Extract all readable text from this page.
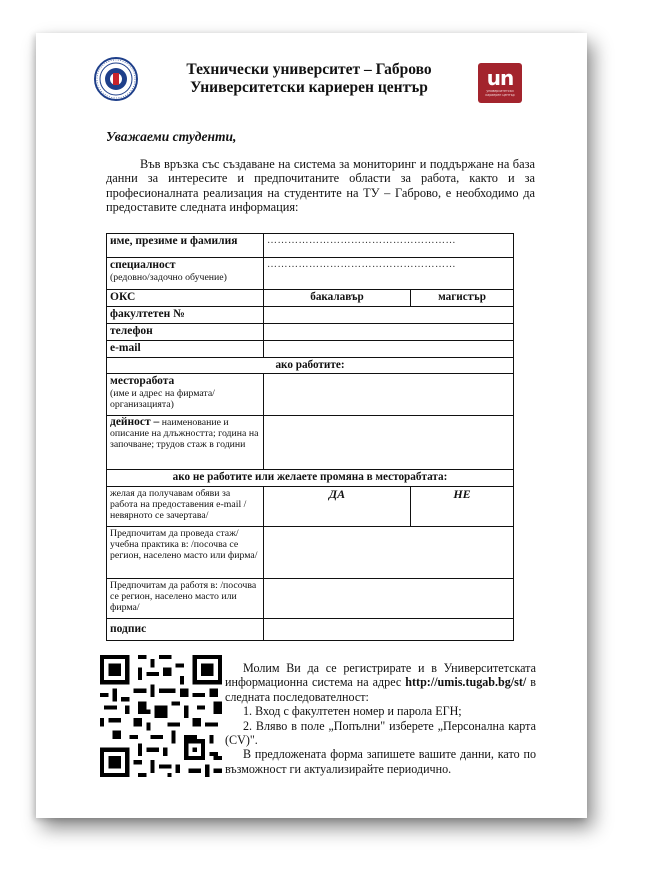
Технически университет – Габрово
Университетски кариерен център	un
университетски кариерен център
Уважаеми студенти,
Във връзка със създаване на система за мониторинг и поддържане на база данни за интересите и предпочитаните области за работа, както и за професионалната реализация на студентите на ТУ – Габрово, е необходимо да предоставите следната информация:
име, презиме и фамилия	………………………………………………	

специалност
(редовно/задочно обучение)	………………………………………………	
ОКС	бакалавър	магистър
факултетен №		
телефон		
e-mail		
ако работите:		

месторабота
(име и адрес на фирмата/организацията)		

дейност – наименование и описание на длъжността; година на започване; трудов стаж в години		

ако не работите или желаете промяна в месторабтата:		

желая да получавам обяви за работа на предоставения e-mail /невярното се зачертава/	ДА	НЕ

Предпочитам да проведа стаж/учебна практика в: /посочва се регион, населено масто или фирма/		

Предпочитам да работя в: /посочва се регион, населено масто или фирма/		

подпис		
Молим Ви да се регистрирате и в Университетската информационна система на адрес http://umis.tugab.bg/st/ в следната последователност:
1. Вход с факултетен номер и парола ЕГН;
2. Влявo в поле „Попълни" изберете „Персонална карта (CV)".
В предложената форма запишете вашите данни, като по възможност ги актуализирайте периодично.
